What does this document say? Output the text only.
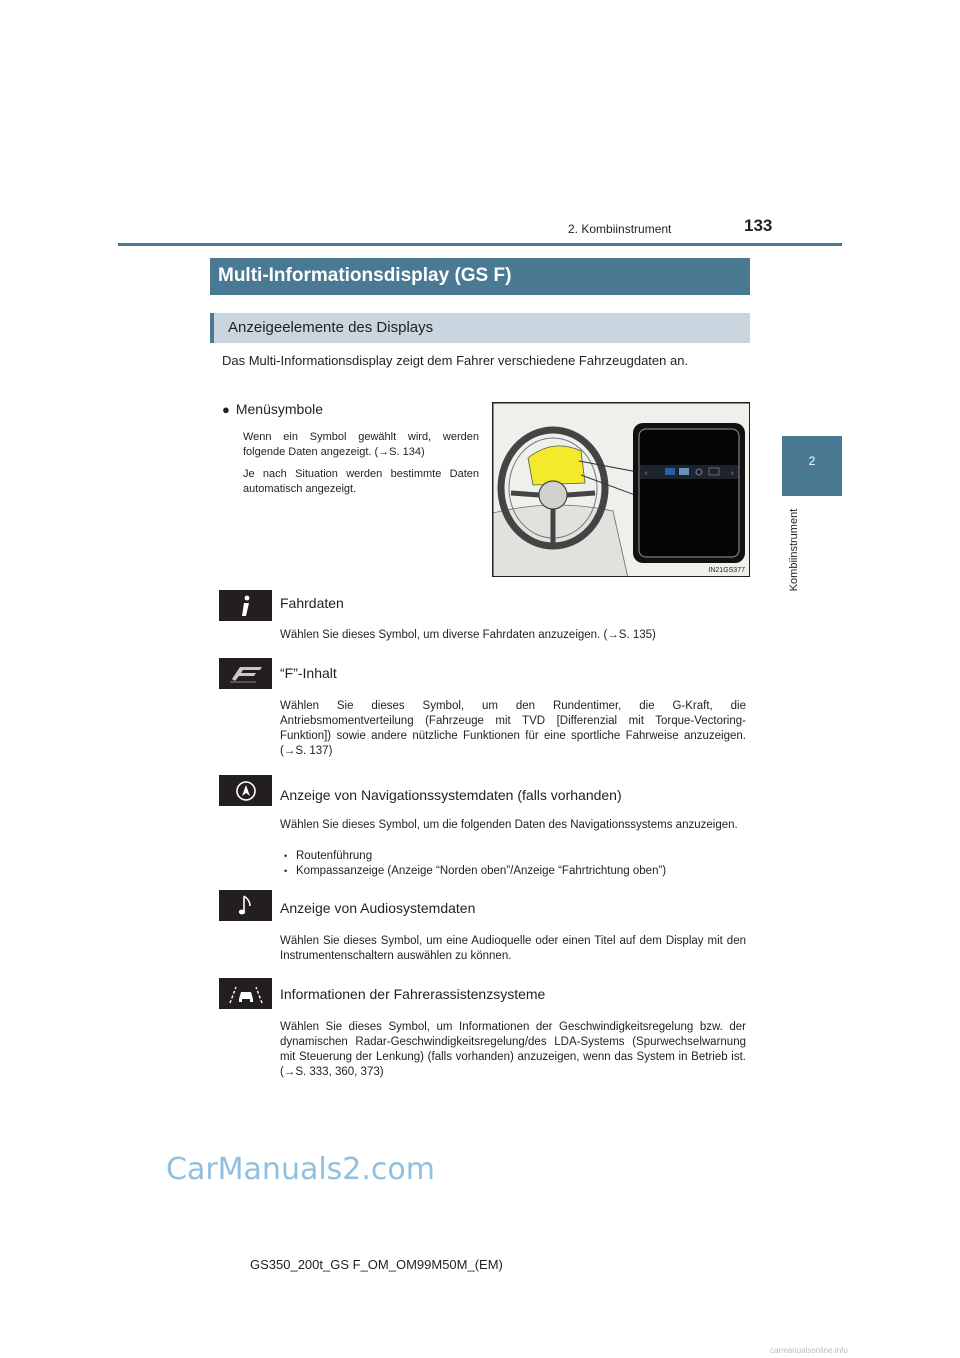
2. Kombiinstrument	133
2
Kombiinstrument
Multi-Informationsdisplay (GS F)
Anzeigeelemente des Displays

Das Multi-Informationsdisplay zeigt dem Fahrer verschiedene Fahrzeugdaten an.

● Menüsymbole

Wenn ein Symbol gewählt wird, werden folgende Daten angezeigt. (→S. 134)

Je nach Situation werden bestimmte Daten automatisch angezeigt.

‹	›
IN21GS377
Fahrdaten

Wählen Sie dieses Symbol, um diverse Fahrdaten anzuzeigen. (→S. 135)

“F”-Inhalt

Wählen Sie dieses Symbol, um den Rundentimer, die G-Kraft, die Antriebsmomentverteilung (Fahrzeuge mit TVD [Differenzial mit Torque-Vectoring-Funktion]) sowie andere nützliche Funktionen für eine sportliche Fahrweise anzuzeigen. (→S. 137)

Anzeige von Navigationssystemdaten (falls vorhanden)

Wählen Sie dieses Symbol, um die folgenden Daten des Navigationssystems anzuzeigen.

• Routenführung
• Kompassanzeige (Anzeige “Norden oben”/Anzeige “Fahrtrichtung oben”)
Anzeige von Audiosystemdaten

Wählen Sie dieses Symbol, um eine Audioquelle oder einen Titel auf dem Display mit den Instrumentenschaltern auswählen zu können.

Informationen der Fahrerassistenzsysteme

Wählen Sie dieses Symbol, um Informationen der Geschwindigkeitsregelung bzw. der dynamischen Radar-Geschwindigkeitsregelung/des LDA-Systems (Spurwechselwarnung mit Steuerung der Lenkung) (falls vorhanden) anzuzeigen, wenn das System in Betrieb ist. (→S. 333, 360, 373)

CarManuals2.com
GS350_200t_GS F_OM_OM99M50M_(EM)
carmanualsonline.info
